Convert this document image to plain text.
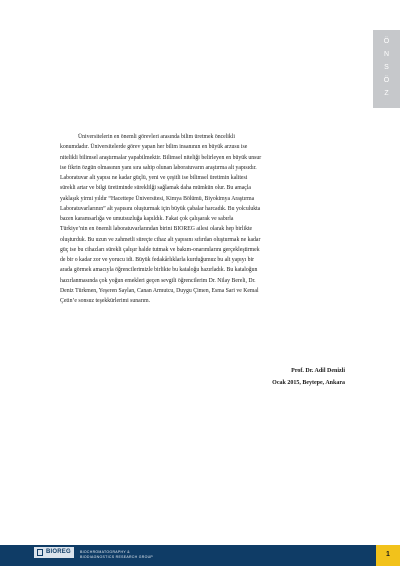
Ö
N
S
Ö
Z

Üniversitelerin en önemli görevleri arasında bilim üretmek öncelikli
konumdadır. Üniversitelerde görev yapan her bilim insanının en büyük arzusu ise
nitelikli bilimsel araştırmalar yapabilmektir. Bilimsel niteliği belirleyen en büyük unsur
ise fikrin özgün olmasının yanı sıra sahip olunan laboratuvarın araştırma alt yapısıdır.
Laboratuvar alt yapısı ne kadar güçlü, yeni ve çeşitli ise bilimsel üretimin kalitesi
sürekli artar ve bilgi üretiminde süreklilği sağlamak daha mümkün olur. Bu amaçla
yaklaşık yirmi yıldır “Hacettepe Üniversitesi, Kimya Bölümü, Biyokimya Araştırma
Laboratuvarlarının” alt yapısını oluşturmak için büyük çabalar harcadık. Bu yolculukta
bazen karamsarlığa ve umutsuzluğa kapıldık. Fakat çok çalışarak ve sabırla
Türkiye’nin en önemli laboratuvarlarından birini BIOREG ailesi olarak hep birlikte
oluşturduk. Bu uzun ve zahmetli süreçte cihaz alt yapısını sıfırdan oluşturmak ne kadar
güç ise bu cihazları sürekli çalışır halde tutmak ve bakım-onarımlarını gerçekleştirmek
de bir o kadar zor ve yorucu idi. Büyük fedakârlıklarla kurduğumuz bu alt yapıyı bir
arada görmek amacıyla öğrencilerimizle birlikte bu kataloğu hazırladık. Bu kataloğun
hazırlanmasında çok yoğun emekleri geçen sevgili öğrencilerim Dr. Nilay Bereli, Dr.
Deniz Türkmen, Yeşeren Saylan, Canan Armutcu, Duygu Çimen, Esma Sari ve Kemal
Çetin’e sonsuz teşekkürlerimi sunarım.

Prof. Dr. Adil Denizli
Ocak 2015, Beytepe, Ankara
BIOREG	BIOCHROMATOGRAPHY &
BIODIAGNOSTICS RESEARCH GROUP	1
